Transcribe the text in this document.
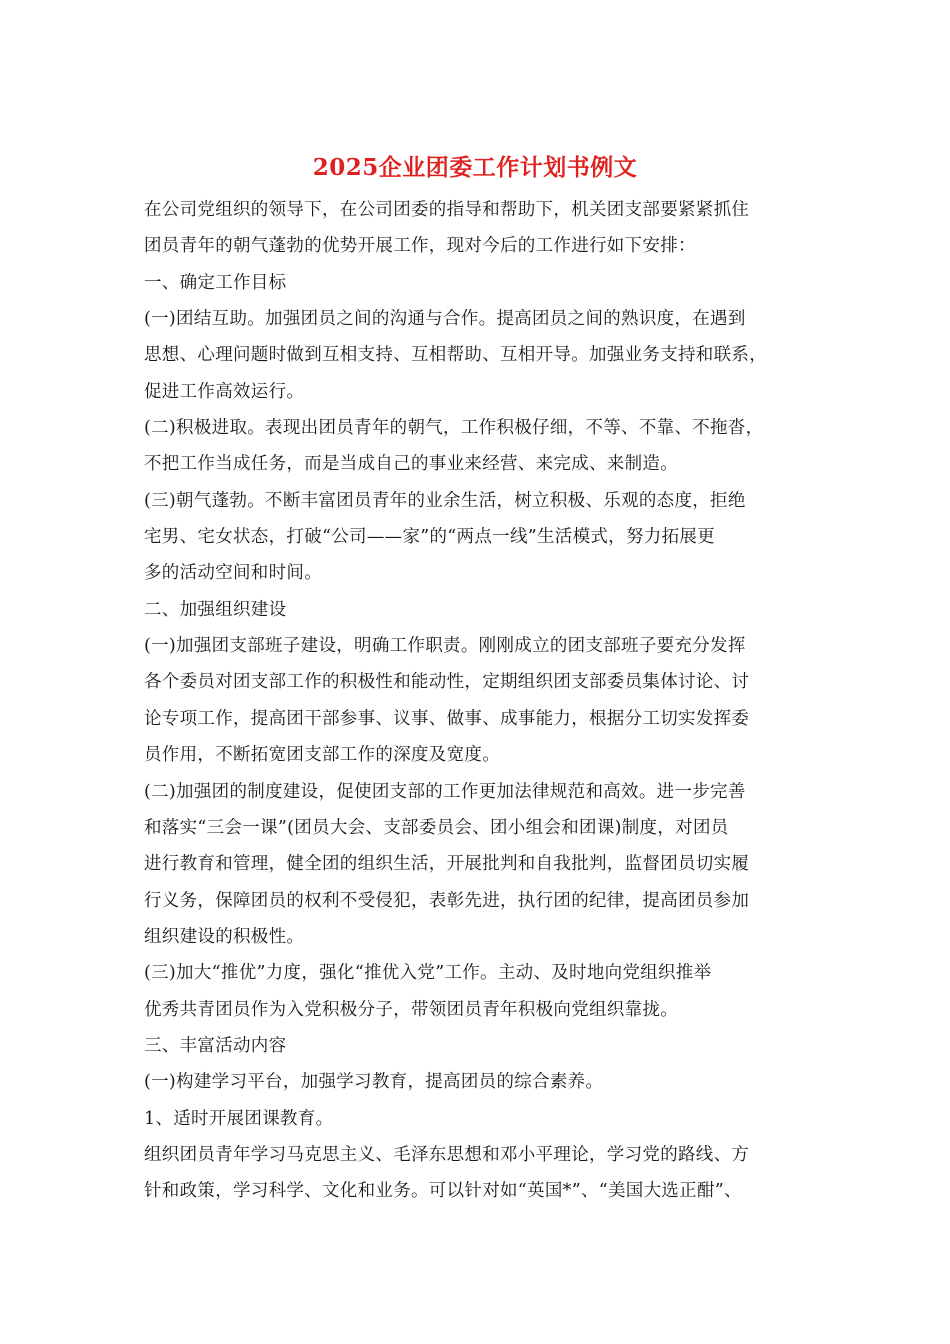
2025企业团委工作计划书例文
在公司党组织的领导下，在公司团委的指导和帮助下，机关团支部要紧紧抓住
团员青年的朝气蓬勃的优势开展工作，现对今后的工作进行如下安排：
一、确定工作目标
(一)团结互助。加强团员之间的沟通与合作。提高团员之间的熟识度，在遇到
思想、心理问题时做到互相支持、互相帮助、互相开导。加强业务支持和联系，
促进工作高效运行。
(二)积极进取。表现出团员青年的朝气，工作积极仔细，不等、不靠、不拖沓，
不把工作当成任务，而是当成自己的事业来经营、来完成、来制造。
(三)朝气蓬勃。不断丰富团员青年的业余生活，树立积极、乐观的态度，拒绝
宅男、宅女状态，打破“公司——家”的“两点一线”生活模式，努力拓展更
多的活动空间和时间。
二、加强组织建设
(一)加强团支部班子建设，明确工作职责。刚刚成立的团支部班子要充分发挥
各个委员对团支部工作的积极性和能动性，定期组织团支部委员集体讨论、讨
论专项工作，提高团干部参事、议事、做事、成事能力，根据分工切实发挥委
员作用，不断拓宽团支部工作的深度及宽度。
(二)加强团的制度建设，促使团支部的工作更加法律规范和高效。进一步完善
和落实“三会一课”(团员大会、支部委员会、团小组会和团课)制度，对团员
进行教育和管理，健全团的组织生活，开展批判和自我批判，监督团员切实履
行义务，保障团员的权利不受侵犯，表彰先进，执行团的纪律，提高团员参加
组织建设的积极性。
(三)加大“推优”力度，强化“推优入党”工作。主动、及时地向党组织推举
优秀共青团员作为入党积极分子，带领团员青年积极向党组织靠拢。
三、丰富活动内容
(一)构建学习平台，加强学习教育，提高团员的综合素养。
1、适时开展团课教育。
组织团员青年学习马克思主义、毛泽东思想和邓小平理论，学习党的路线、方
针和政策，学习科学、文化和业务。可以针对如“英国*”、“美国大选正酣”、
